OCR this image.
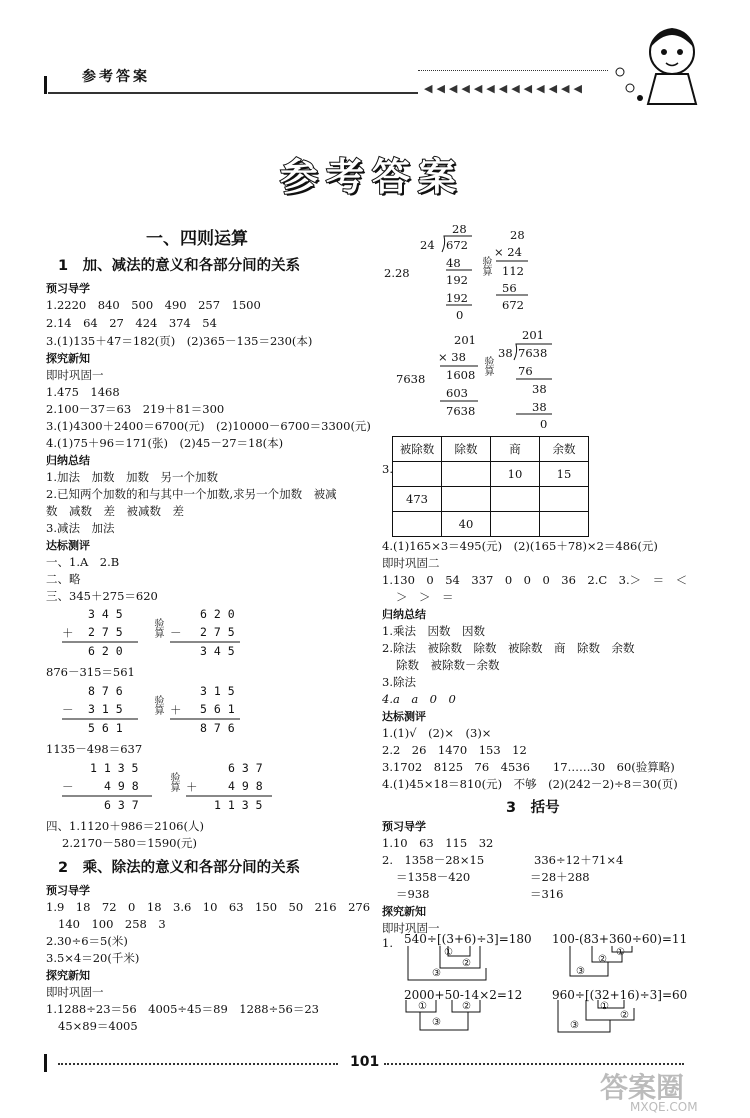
参考答案
◀◀◀◀◀◀◀◀◀◀◀◀◀
参考答案
一、四则运算
1　加、减法的意义和各部分间的关系
预习导学
1.2220　840　500　490　257　1500
2.14　64　27　424　374　54
3.(1)135＋47＝182(页)　(2)365－135＝230(本)
探究新知
即时巩固一
1.475　1468
2.100－37＝63　219＋81＝300
3.(1)4300＋2400＝6700(元)　(2)10000－6700＝3300(元)
4.(1)75＋96＝171(张)　(2)45－27＝18(本)
归纳总结
1.加法　加数　加数　另一个加数
2.已知两个加数的和与其中一个加数,求另一个加数　被减
数　减数　差　被减数　差
3.减法　加法
达标测评
一、1.A　2.B
二、略
三、345＋275＝620
3 4 5
＋ 2 7 5
6 2 0
验算
6 2 0
－ 2 7 5
3 4 5
876－315＝561
8 7 6
－ 3 1 5
5 6 1
验算
3 1 5
＋ 5 6 1
8 7 6
1135－498＝637
1 1 3 5
－	4 9 8
6 3 7
验算
6 3 7
＋	4 9 8
1 1 3 5
四、1.1120＋986＝2106(人)
2.2170－580＝1590(元)
2　乘、除法的意义和各部分间的关系
预习导学
1.9　18　72　0　18　3.6　10　63　150　50　216　276
140　100　258　3
2.30÷6＝5(米)
3.5×4＝20(千米)
探究新知
即时巩固一
1.1288÷23＝56　4005÷45＝89　1288÷56＝23
45×89＝4005
2.28
28
24 672
48
192
192
0
验算
28
× 24
112
56
672
7638
201
× 38
1608
603
7638
验算
201
38 7638
76
38
38
0
3.
被除数	除数	商	余数
		10	15
473			
	40		
4.(1)165×3＝495(元)　(2)(165＋78)×2＝486(元)
即时巩固二
1.130　0　54　337　0　0　0　36　2.C　3.＞　＝　＜
＞　＞　＝
归纳总结
1.乘法　因数　因数
2.除法　被除数　除数　被除数　商　除数　余数
除数　被除数－余数
3.除法
4.a　a　0　0
达标测评
1.(1)√　(2)×　(3)×
2.2　26　1470　153　12
3.1702　8125　76　4536　　17……30　60(验算略)
4.(1)45×18＝810(元)　不够　(2)(242－2)÷8＝30(页)
3　括号
预习导学
1.10　63　115　32
2.　1358－28×15	336÷12＋71×4
＝1358－420	＝28＋288
＝938	＝316
探究新知
即时巩固一
1. 540÷[(3+6)÷3]=180 100-(83+360÷60)=11
2000+50-14×2=12 960÷[(32+16)÷3]=60
①
②
③
①
②
③
①	②
③
①
②
③
101
答案圈
MXQE.COM
